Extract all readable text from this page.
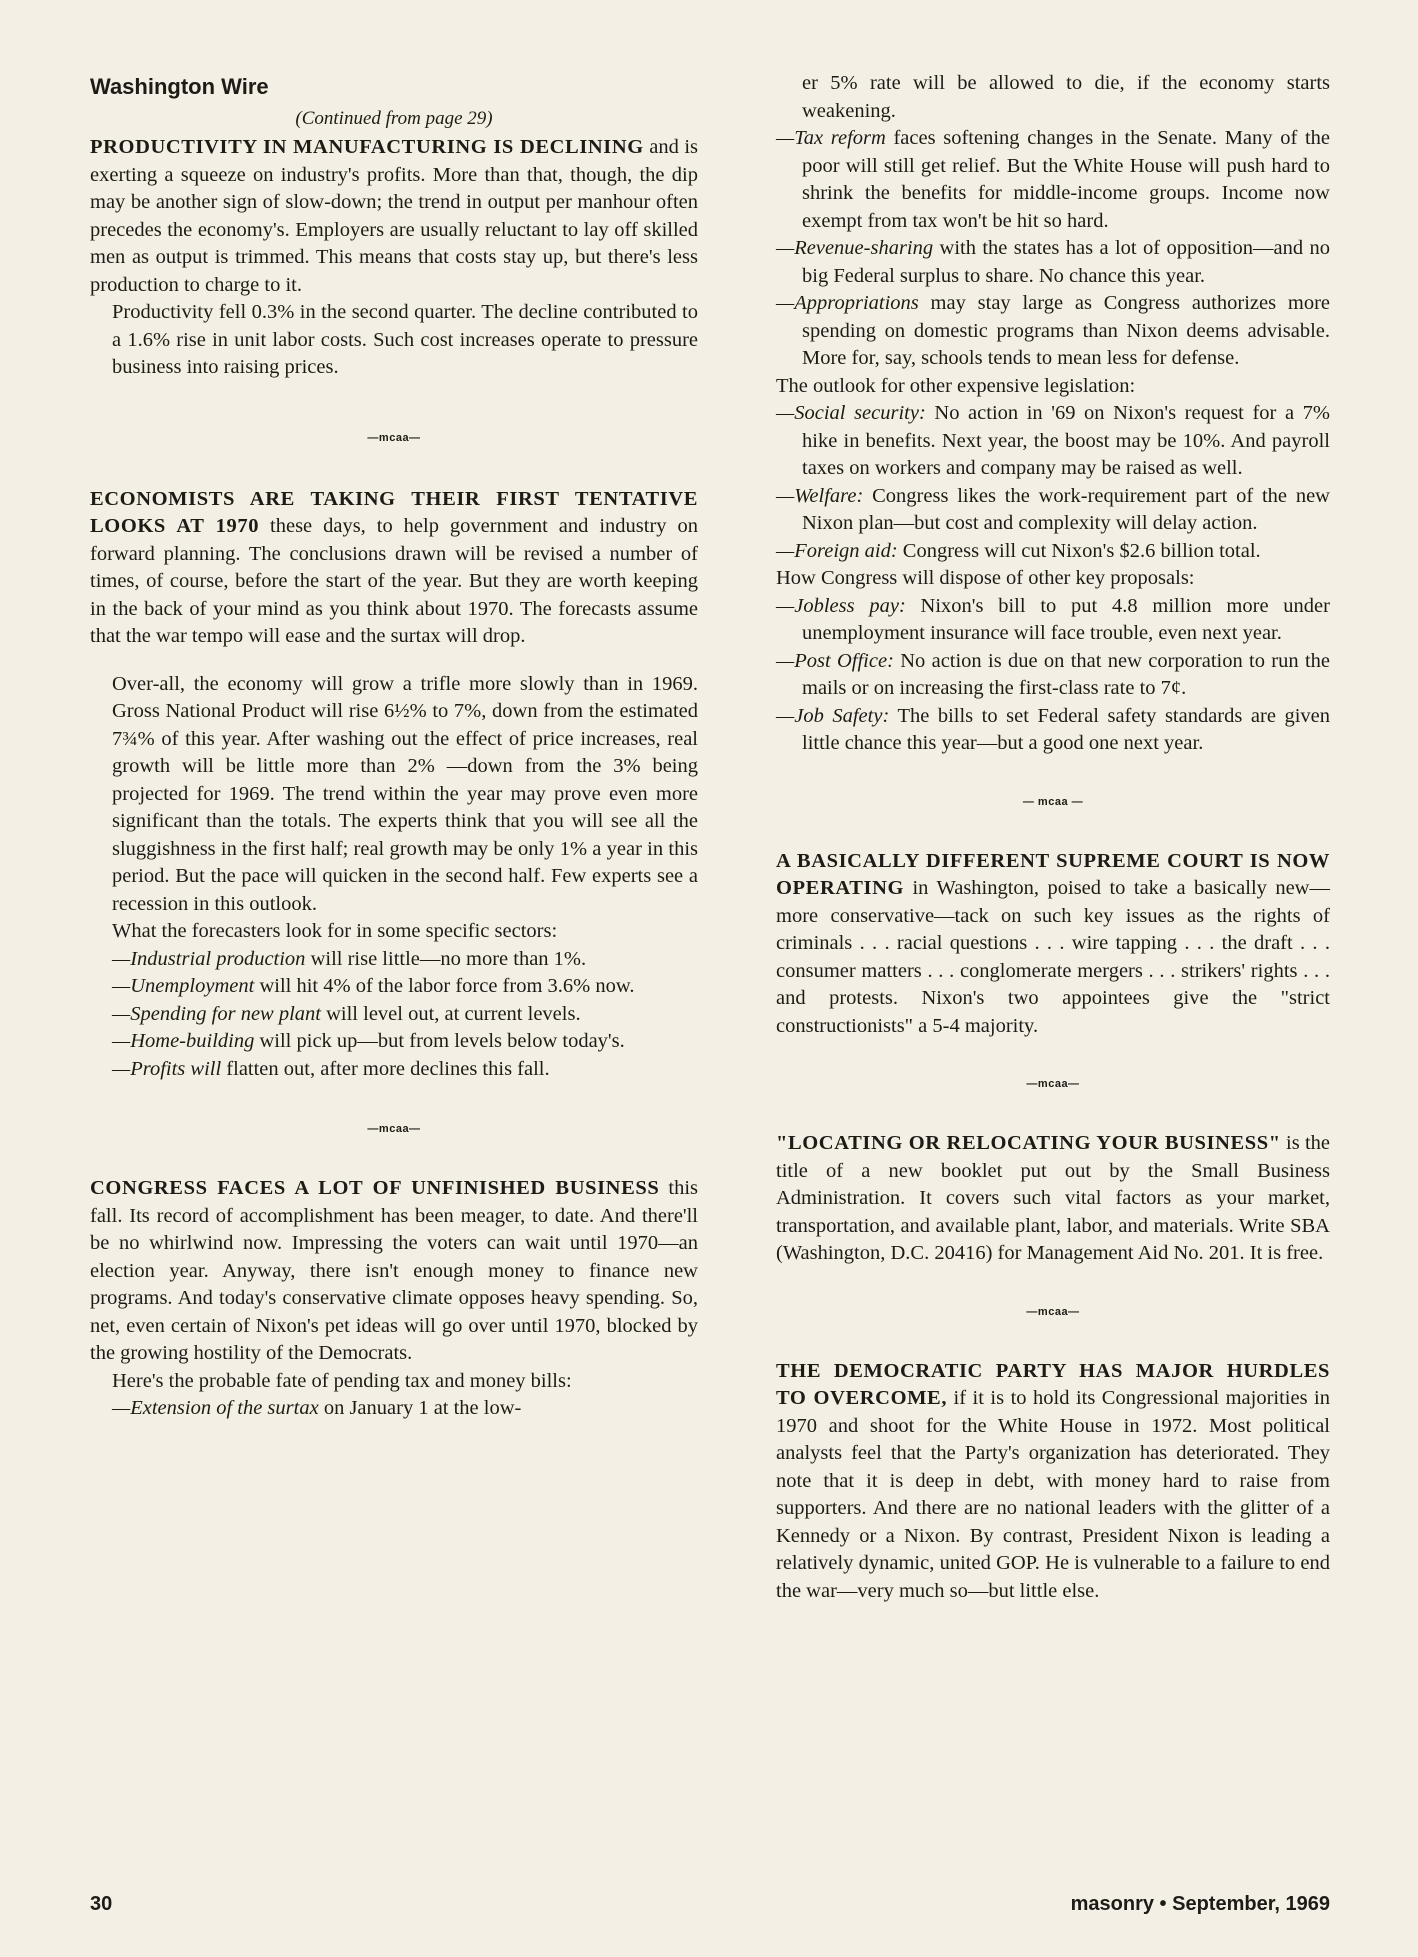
Washington Wire
(Continued from page 29)

PRODUCTIVITY IN MANUFACTURING IS DECLINING and is exerting a squeeze on industry's profits. More than that, though, the dip may be another sign of slow-down; the trend in output per manhour often precedes the economy's. Employers are usually reluctant to lay off skilled men as output is trimmed. This means that costs stay up, but there's less production to charge to it.

Productivity fell 0.3% in the second quarter. The decline contributed to a 1.6% rise in unit labor costs. Such cost increases operate to pressure business into raising prices.

—mcaa—

ECONOMISTS ARE TAKING THEIR FIRST TENTATIVE LOOKS AT 1970 these days, to help government and industry on forward planning. The conclusions drawn will be revised a number of times, of course, before the start of the year. But they are worth keeping in the back of your mind as you think about 1970. The forecasts assume that the war tempo will ease and the surtax will drop.

Over-all, the economy will grow a trifle more slowly than in 1969. Gross National Product will rise 6½% to 7%, down from the estimated 7¾% of this year. After washing out the effect of price increases, real growth will be little more than 2% —down from the 3% being projected for 1969. The trend within the year may prove even more significant than the totals. The experts think that you will see all the sluggishness in the first half; real growth may be only 1% a year in this period. But the pace will quicken in the second half. Few experts see a recession in this outlook.

What the forecasters look for in some specific sectors:

—Industrial production will rise little—no more than 1%.

—Unemployment will hit 4% of the labor force from 3.6% now.

—Spending for new plant will level out, at current levels.

—Home-building will pick up—but from levels below today's.

—Profits will flatten out, after more declines this fall.

—mcaa—

CONGRESS FACES A LOT OF UNFINISHED BUSINESS this fall. Its record of accomplishment has been meager, to date. And there'll be no whirlwind now. Impressing the voters can wait until 1970—an election year. Anyway, there isn't enough money to finance new programs. And today's conservative climate opposes heavy spending. So, net, even certain of Nixon's pet ideas will go over until 1970, blocked by the growing hostility of the Democrats.

Here's the probable fate of pending tax and money bills:

—Extension of the surtax on January 1 at the low-

er 5% rate will be allowed to die, if the economy starts weakening.

—Tax reform faces softening changes in the Senate. Many of the poor will still get relief. But the White House will push hard to shrink the benefits for middle-income groups. Income now exempt from tax won't be hit so hard.

—Revenue-sharing with the states has a lot of opposition—and no big Federal surplus to share. No chance this year.

—Appropriations may stay large as Congress authorizes more spending on domestic programs than Nixon deems advisable. More for, say, schools tends to mean less for defense.

The outlook for other expensive legislation:

—Social security: No action in '69 on Nixon's request for a 7% hike in benefits. Next year, the boost may be 10%. And payroll taxes on workers and company may be raised as well.

—Welfare: Congress likes the work-requirement part of the new Nixon plan—but cost and complexity will delay action.

—Foreign aid: Congress will cut Nixon's $2.6 billion total.

How Congress will dispose of other key proposals:

—Jobless pay: Nixon's bill to put 4.8 million more under unemployment insurance will face trouble, even next year.

—Post Office: No action is due on that new corporation to run the mails or on increasing the first-class rate to 7¢.

—Job Safety: The bills to set Federal safety standards are given little chance this year—but a good one next year.

— mcaa —

A BASICALLY DIFFERENT SUPREME COURT IS NOW OPERATING in Washington, poised to take a basically new—more conservative—tack on such key issues as the rights of criminals . . . racial questions . . . wire tapping . . . the draft . . . consumer matters . . . conglomerate mergers . . . strikers' rights . . . and protests. Nixon's two appointees give the "strict constructionists" a 5-4 majority.

—mcaa—

"LOCATING OR RELOCATING YOUR BUSINESS" is the title of a new booklet put out by the Small Business Administration. It covers such vital factors as your market, transportation, and available plant, labor, and materials. Write SBA (Washington, D.C. 20416) for Management Aid No. 201. It is free.

—mcaa—

THE DEMOCRATIC PARTY HAS MAJOR HURDLES TO OVERCOME, if it is to hold its Congressional majorities in 1970 and shoot for the White House in 1972. Most political analysts feel that the Party's organization has deteriorated. They note that it is deep in debt, with money hard to raise from supporters. And there are no national leaders with the glitter of a Kennedy or a Nixon. By contrast, President Nixon is leading a relatively dynamic, united GOP. He is vulnerable to a failure to end the war—very much so—but little else.

30	masonry • September, 1969
